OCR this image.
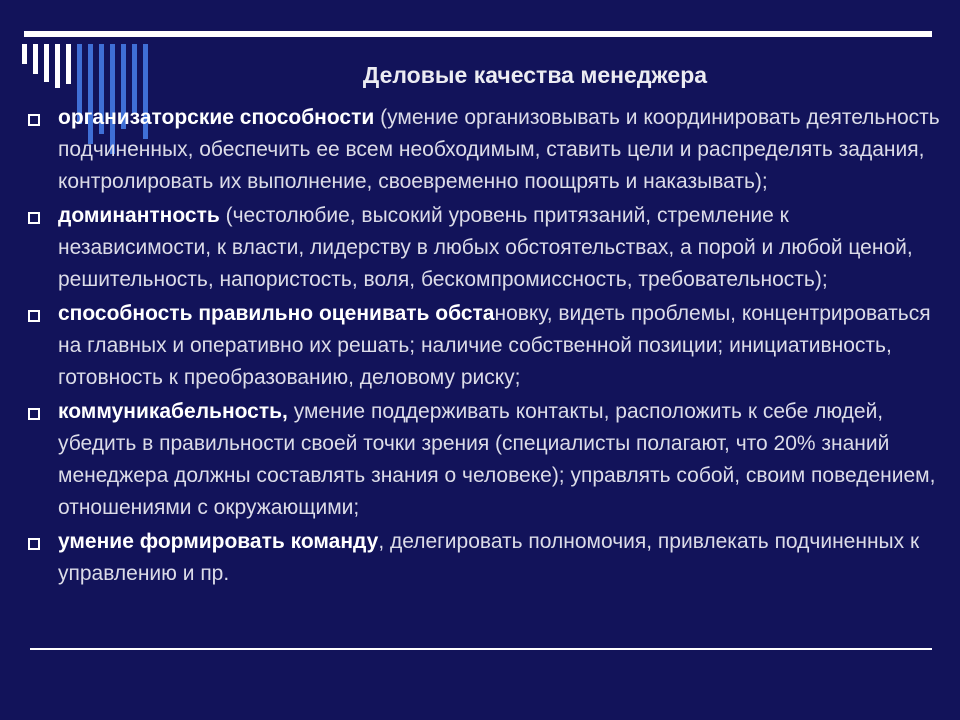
Деловые качества менеджера
организаторские способности (умение организовывать и координировать деятельность подчиненных, обеспечить ее всем необходимым, ставить цели и распределять задания, контролировать их выполнение, своевременно поощрять и наказывать);
доминантность (честолюбие, высокий уровень притязаний, стремление к независимости, к власти, лидерству в любых обстоятельствах, а порой и любой ценой, решительность, напористость, воля, бескомпромиссность, требовательность);
способность правильно оценивать обстановку, видеть проблемы, концентрироваться на главных и оперативно их решать; наличие собственной позиции; инициативность, готовность к преобразованию, деловому риску;
коммуникабельность, умение поддерживать контакты, расположить к себе людей, убедить в правильности своей точки зрения (специалисты полагают, что 20% знаний менеджера должны составлять знания о человеке); управлять собой, своим поведением, отношениями с окружающими;
умение формировать команду, делегировать полномочия, привлекать подчиненных к управлению и пр.
